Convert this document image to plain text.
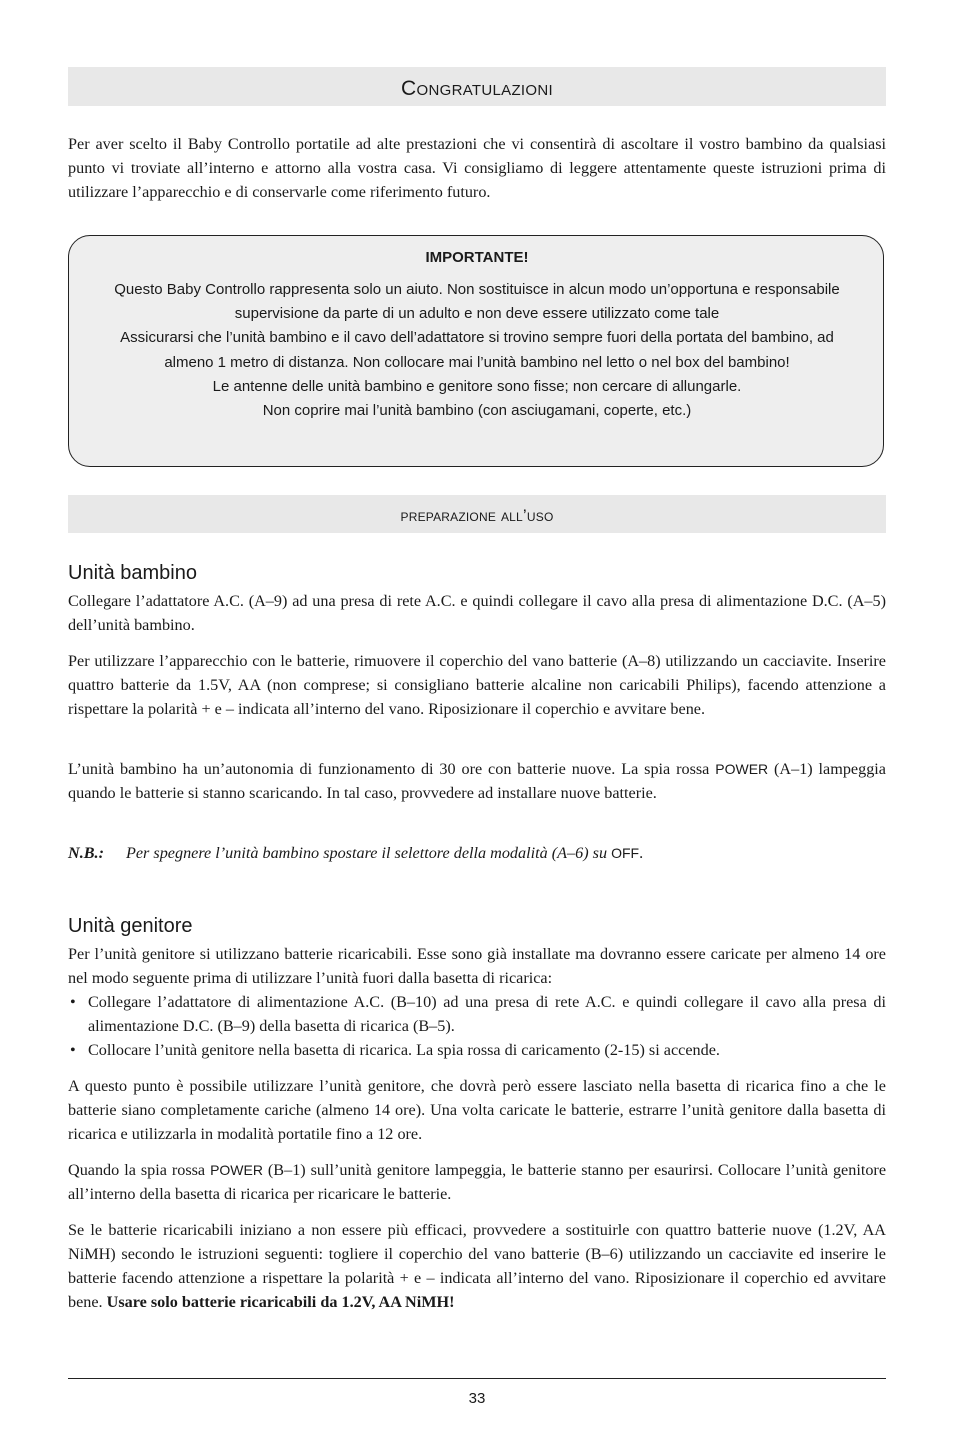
Congratulazioni

Per aver scelto il Baby Controllo portatile ad alte prestazioni che vi consentirà di ascoltare il vostro bambino da qualsiasi punto vi troviate all’interno e attorno alla vostra casa. Vi consigliamo di leggere attentamente queste istruzioni prima di utilizzare l’apparecchio e di conservarle come riferimento futuro.

IMPORTANTE!

Questo Baby Controllo rappresenta solo un aiuto. Non sostituisce in alcun modo un’opportuna e responsabile supervisione da parte di un adulto e non deve essere utilizzato come tale
Assicurarsi che l’unità bambino e il cavo dell’adattatore si trovino sempre fuori della portata del bambino, ad almeno 1 metro di distanza. Non collocare mai l’unità bambino nel letto o nel box del bambino!
Le antenne delle unità bambino e genitore sono fisse; non cercare di allungarle.
Non coprire mai l’unità bambino (con asciugamani, coperte, etc.)

preparazione all’uso
Unità bambino

Collegare l’adattatore A.C. (A–9) ad una presa di rete A.C. e quindi collegare il cavo alla presa di alimentazione D.C. (A–5) dell’unità bambino.

Per utilizzare l’apparecchio con le batterie, rimuovere il coperchio del vano batterie (A–8) utilizzando un cacciavite. Inserire quattro batterie da 1.5V, AA (non comprese; si consigliano batterie alcaline non caricabili Philips), facendo attenzione a rispettare la polarità + e – indicata all’interno del vano. Riposizionare il coperchio e avvitare bene.

L’unità bambino ha un’autonomia di funzionamento di 30 ore con batterie nuove. La spia rossa POWER (A–1) lampeggia quando le batterie si stanno scaricando. In tal caso, provvedere ad installare nuove batterie.

N.B.: Per spegnere l’unità bambino spostare il selettore della modalità (A–6) su OFF.
Unità genitore

Per l’unità genitore si utilizzano batterie ricaricabili. Esse sono già installate ma dovranno essere caricate per almeno 14 ore nel modo seguente prima di utilizzare l’unità fuori dalla basetta di ricarica:

• Collegare l’adattatore di alimentazione A.C. (B–10) ad una presa di rete A.C. e quindi collegare il cavo alla presa di alimentazione D.C. (B–9) della basetta di ricarica (B–5).
• Collocare l’unità genitore nella basetta di ricarica. La spia rossa di caricamento (2-15) si accende.

A questo punto è possibile utilizzare l’unità genitore, che dovrà però essere lasciato nella basetta di ricarica fino a che le batterie siano completamente cariche (almeno 14 ore). Una volta caricate le batterie, estrarre l’unità genitore dalla basetta di ricarica e utilizzarla in modalità portatile fino a 12 ore.

Quando la spia rossa POWER (B–1) sull’unità genitore lampeggia, le batterie stanno per esaurirsi. Collocare l’unità genitore all’interno della basetta di ricarica per ricaricare le batterie.

Se le batterie ricaricabili iniziano a non essere più efficaci, provvedere a sostituirle con quattro batterie nuove (1.2V, AA NiMH) secondo le istruzioni seguenti: togliere il coperchio del vano batterie (B–6) utilizzando un cacciavite ed inserire le batterie facendo attenzione a rispettare la polarità + e – indicata all’interno del vano. Riposizionare il coperchio ed avvitare bene. Usare solo batterie ricaricabili da 1.2V, AA NiMH!

33
